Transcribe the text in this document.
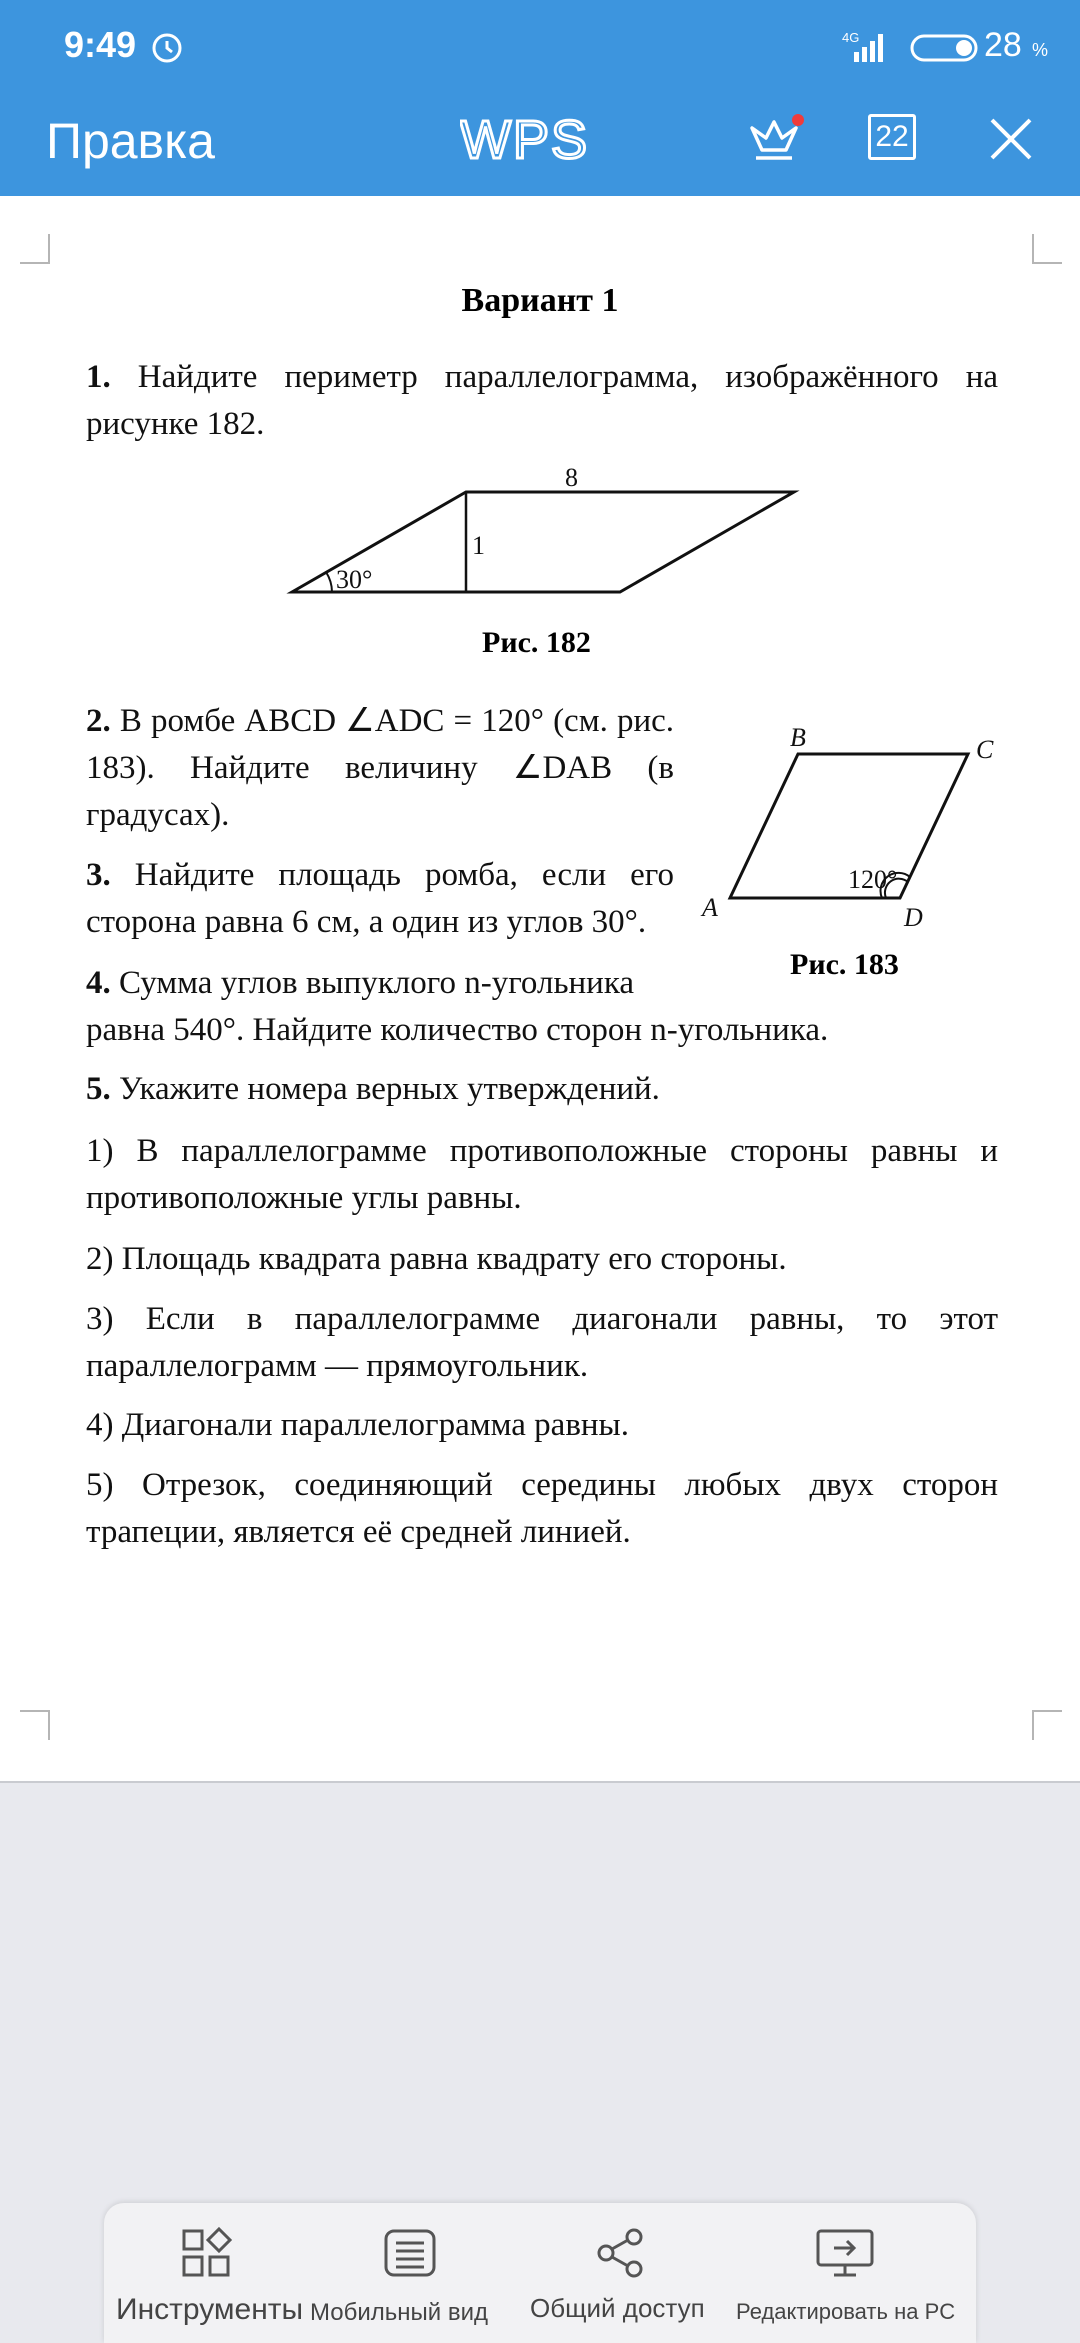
9:49	4G	28 %
Правка	WPS	22
Вариант 1
1. Найдите периметр параллелограмма, изображённого на рисунке 182.
8
1
30°
Рис. 182
2. В ромбе ABCD ∠ADC = 120° (см. рис. 183). Найдите величину ∠DAB (в градусах).
3. Найдите площадь ромба, если его сторона равна 6 см, а один из углов 30°.	A
B	C
D
120°
Рис. 183
4. Сумма углов выпуклого n-угольника
равна 540°. Найдите количество сторон n-угольника.
5. Укажите номера верных утверждений.
1) В параллелограмме противоположные стороны равны и противоположные углы равны.
2) Площадь квадрата равна квадрату его стороны.
3) Если в параллелограмме диагонали равны, то этот параллелограмм — прямоугольник.
4) Диагонали параллелограмма равны.
5) Отрезок, соединяющий середины любых двух сторон трапеции, является её средней линией.
Инструменты Мобильный вид Общий доступ Редактировать на PC
